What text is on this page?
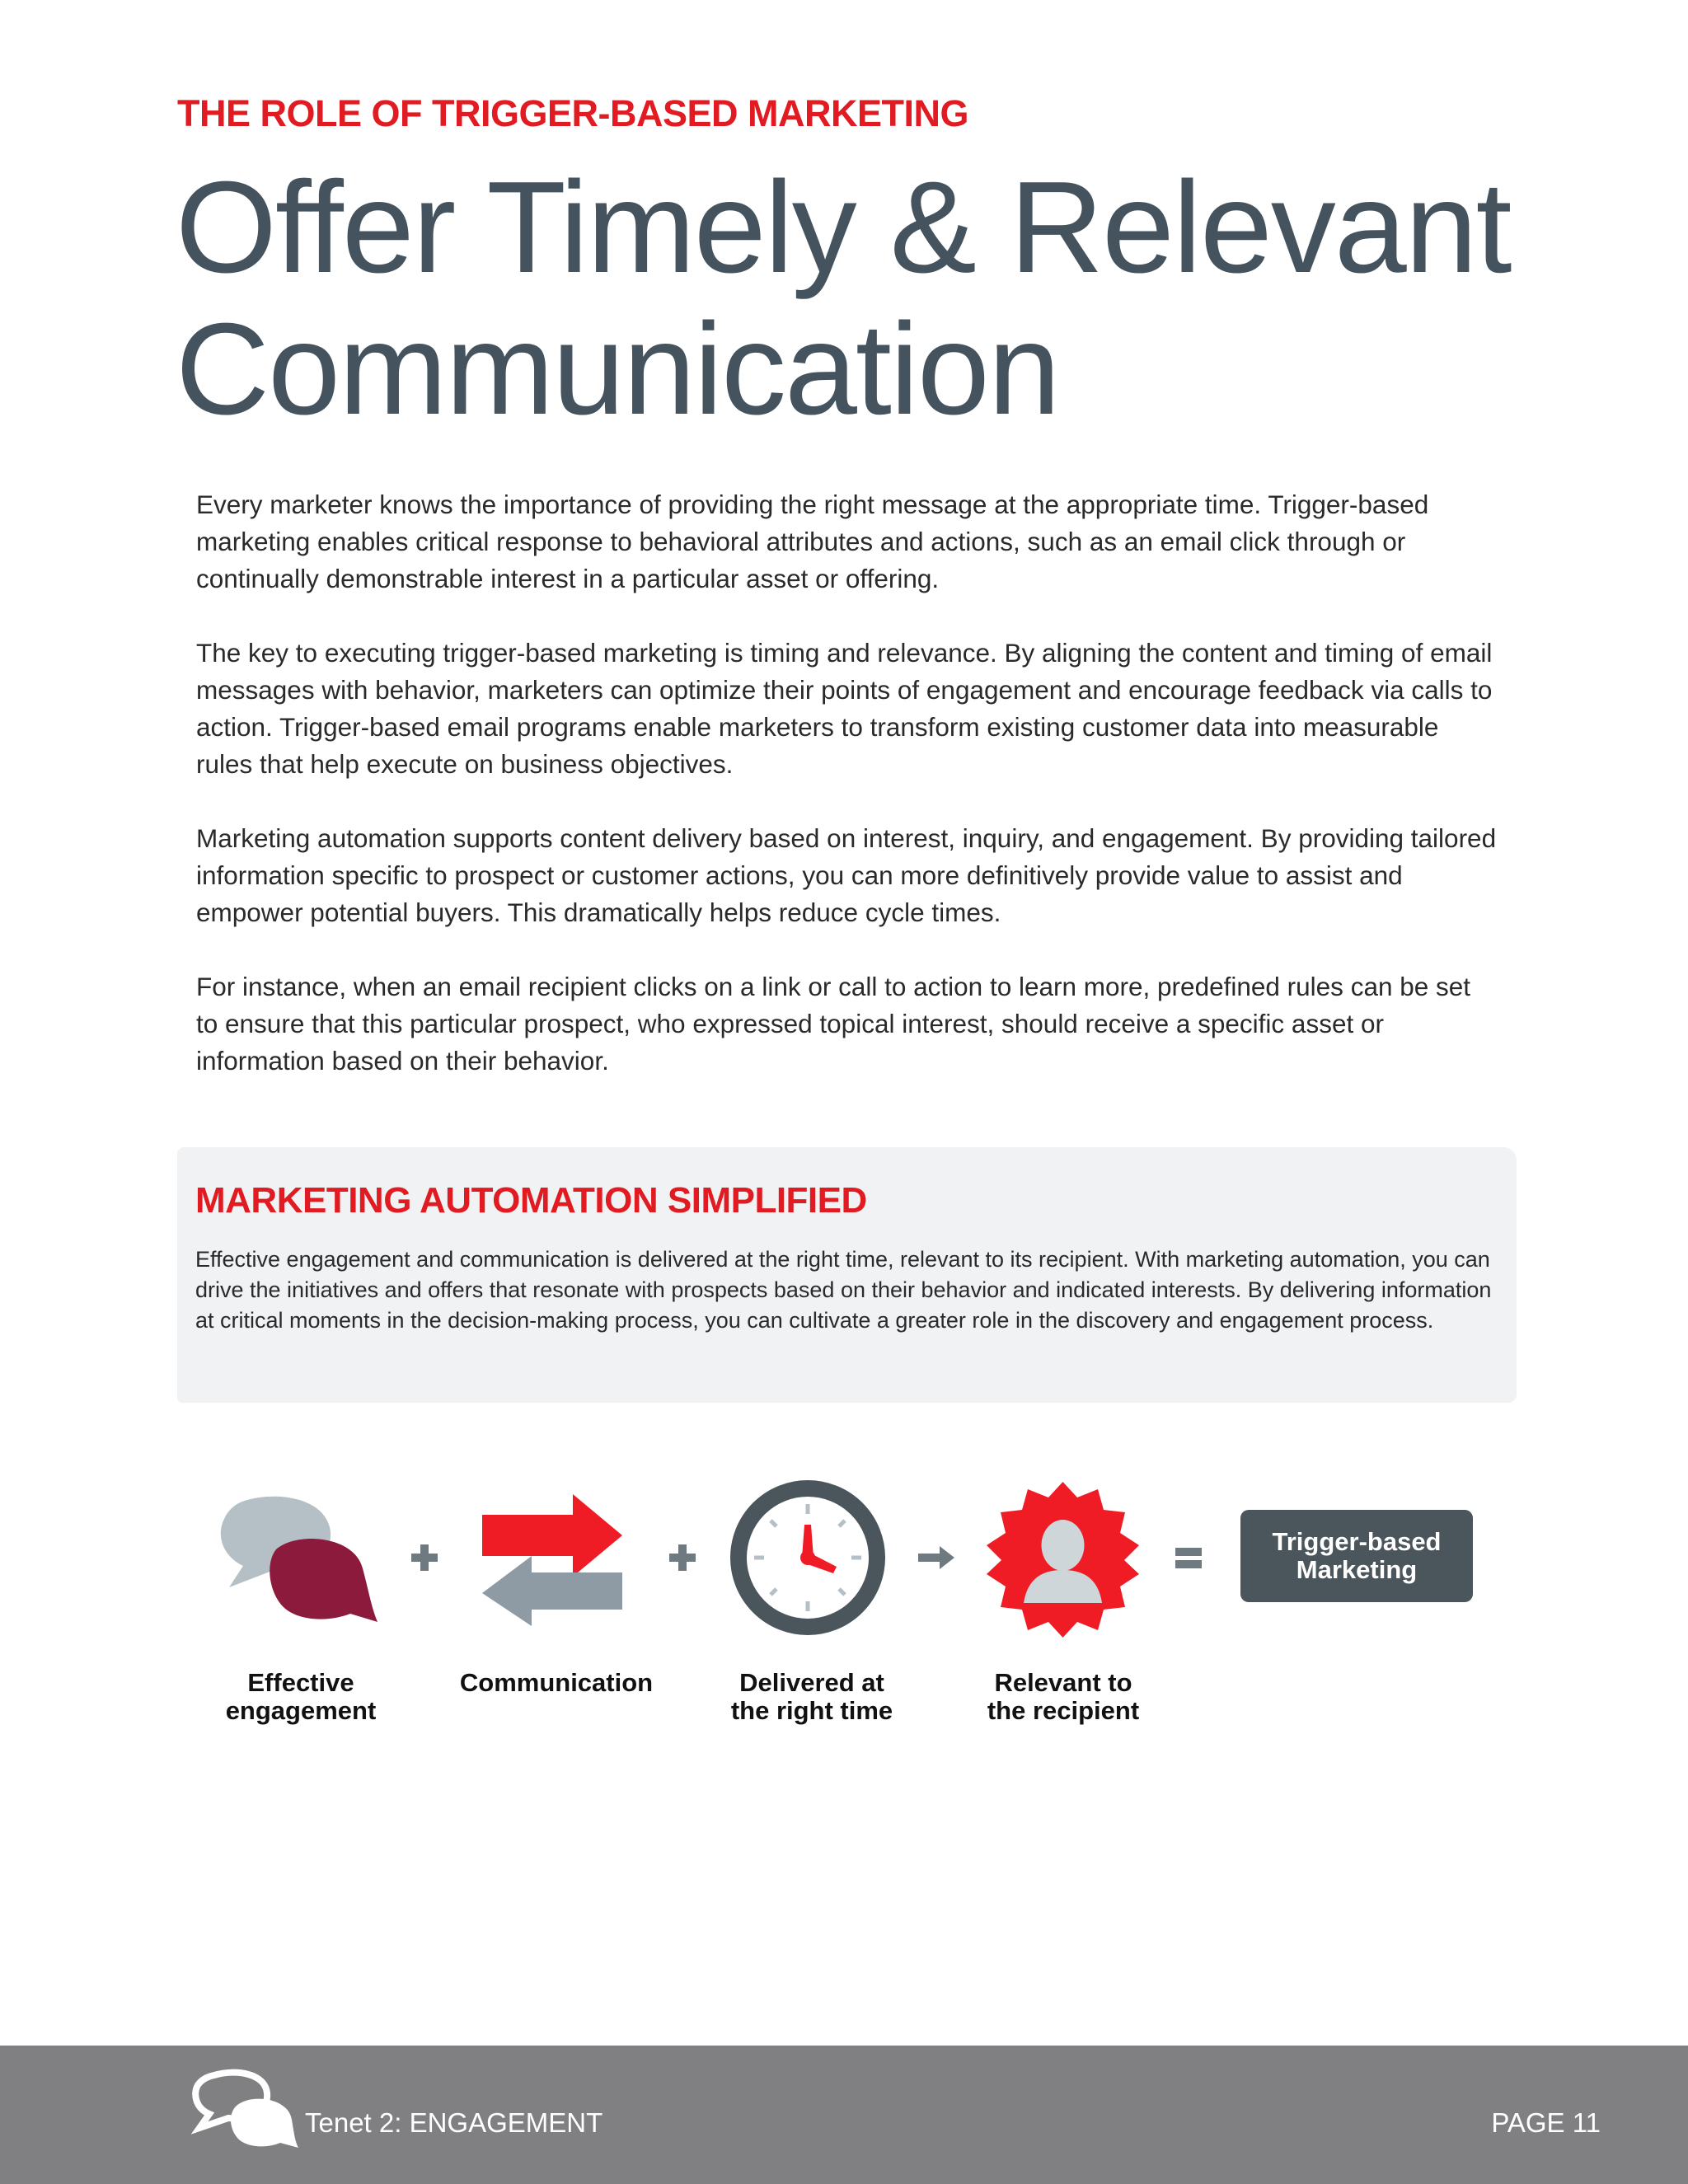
THE ROLE OF TRIGGER-BASED MARKETING
Offer Timely & Relevant
Communication

Every marketer knows the importance of providing the right message at the appropriate time. Trigger-based marketing enables critical response to behavioral attributes and actions, such as an email click through or continually demonstrable interest in a particular asset or offering.

The key to executing trigger-based marketing is timing and relevance. By aligning the content and timing of email messages with behavior, marketers can optimize their points of engagement and encourage feedback via calls to action. Trigger-based email programs enable marketers to transform existing customer data into measurable rules that help execute on business objectives.

Marketing automation supports content delivery based on interest, inquiry, and engagement. By providing tailored information specific to prospect or customer actions, you can more definitively provide value to assist and empower potential buyers. This dramatically helps reduce cycle times.

For instance, when an email recipient clicks on a link or call to action to learn more, predefined rules can be set to ensure that this particular prospect, who expressed topical interest, should receive a specific asset or information based on their behavior.

MARKETING AUTOMATION SIMPLIFIED

Effective engagement and communication is delivered at the right time, relevant to its recipient. With marketing automation, you can drive the initiatives and offers that resonate with prospects based on their behavior and indicated interests. By delivering information at critical moments in the decision-making process, you can cultivate a greater role in the discovery and engagement process.

Trigger-based
Marketing
Effective
engagement
Communication	Delivered at
the right time
Relevant to
the recipient
Tenet 2: ENGAGEMENT	PAGE 11
